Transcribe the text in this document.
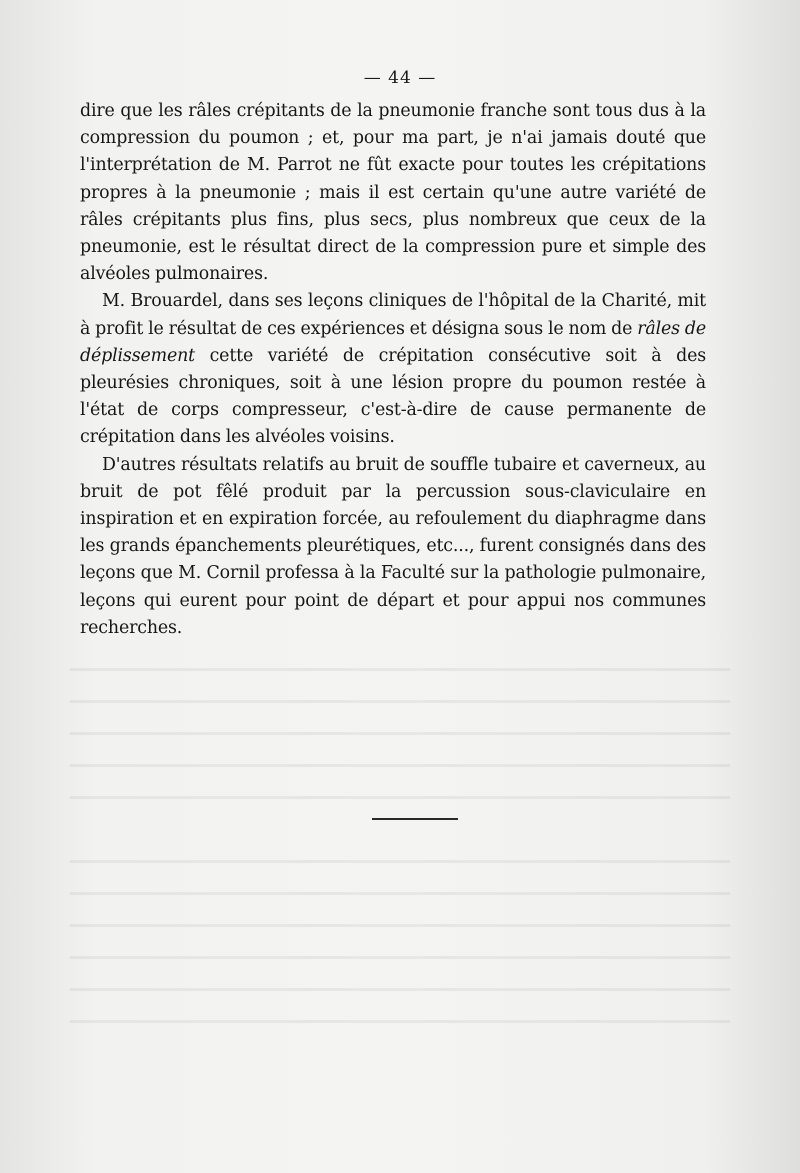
— 44 —

dire que les râles crépitants de la pneumonie franche sont tous dus à la compression du poumon ; et, pour ma part, je n'ai jamais douté que l'interprétation de M. Parrot ne fût exacte pour toutes les crépitations propres à la pneumonie ; mais il est certain qu'une autre variété de râles crépitants plus fins, plus secs, plus nombreux que ceux de la pneumonie, est le résultat direct de la compression pure et simple des alvéoles pulmonaires.

M. Brouardel, dans ses leçons cliniques de l'hôpital de la Charité, mit à profit le résultat de ces expériences et désigna sous le nom de râles de déplissement cette variété de crépitation consécutive soit à des pleurésies chroniques, soit à une lésion propre du poumon restée à l'état de corps compresseur, c'est-à-dire de cause permanente de crépitation dans les alvéoles voisins.

D'autres résultats relatifs au bruit de souffle tubaire et caverneux, au bruit de pot fêlé produit par la percussion sous-claviculaire en inspiration et en expiration forcée, au refoulement du diaphragme dans les grands épanchements pleurétiques, etc..., furent consignés dans des leçons que M. Cornil professa à la Faculté sur la pathologie pulmonaire, leçons qui eurent pour point de départ et pour appui nos communes recherches.
